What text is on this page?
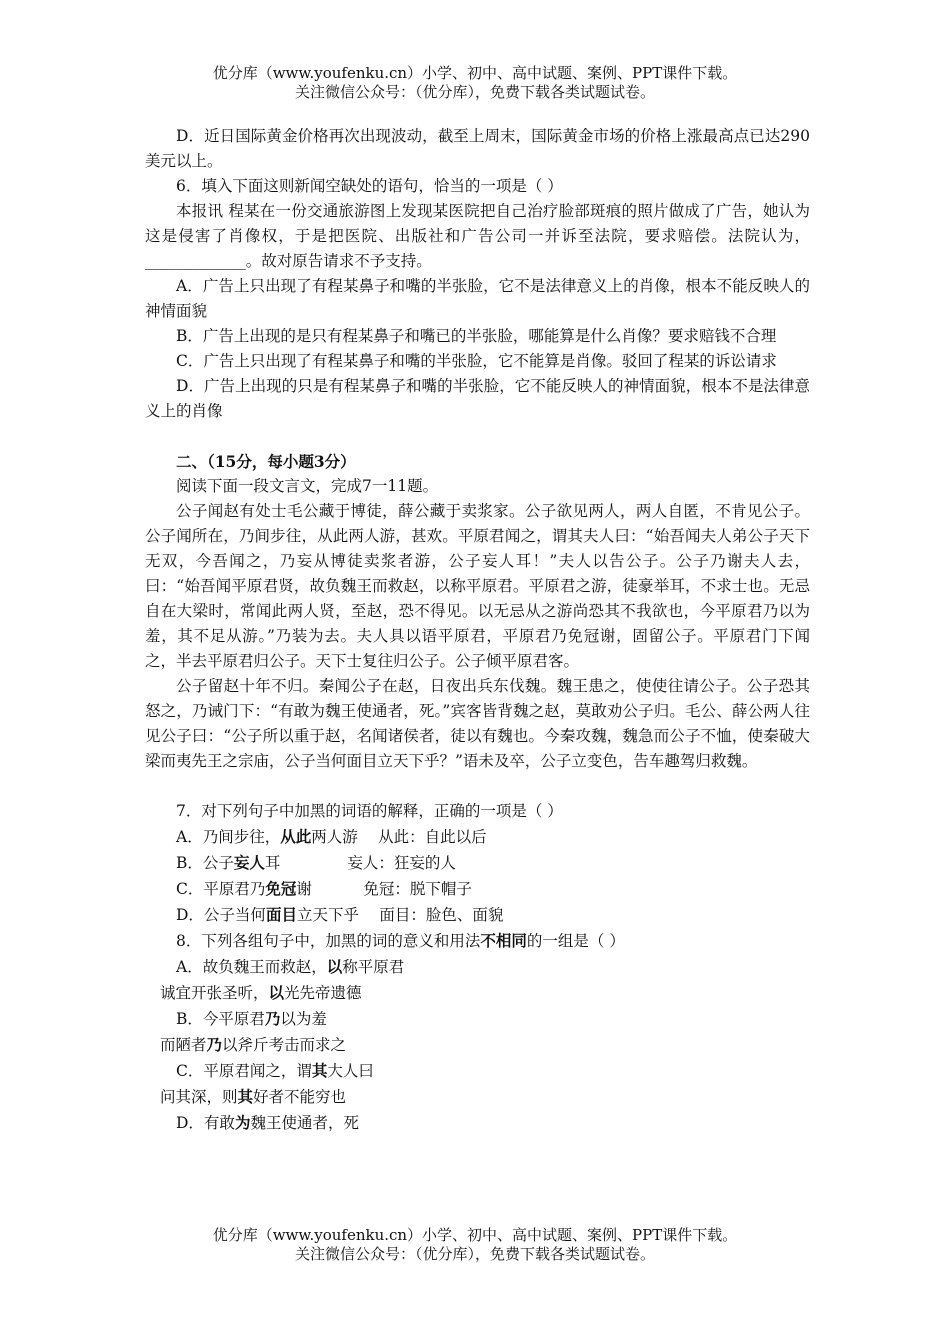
优分库（www.youfenku.cn）小学、初中、高中试题、案例、PPT课件下载。
关注微信公众号：（优分库），免费下载各类试题试卷。

D．近日国际黄金价格再次出现波动，截至上周末，国际黄金市场的价格上涨最高点已达290美元以上。

6．填入下面这则新闻空缺处的语句，恰当的一项是（ ）

本报讯 程某在一份交通旅游图上发现某医院把自己治疗脸部斑痕的照片做成了广告，她认为这是侵害了肖像权，于是把医院、出版社和广告公司一并诉至法院，要求赔偿。法院认为，_____________。故对原告请求不予支持。

A．广告上只出现了有程某鼻子和嘴的半张脸，它不是法律意义上的肖像，根本不能反映人的神情面貌

B．广告上出现的是只有程某鼻子和嘴已的半张脸，哪能算是什么肖像？要求赔钱不合理

C．广告上只出现了有程某鼻子和嘴的半张脸，它不能算是肖像。驳回了程某的诉讼请求

D．广告上出现的只是有程某鼻子和嘴的半张脸，它不能反映人的神情面貌，根本不是法律意义上的肖像

二、（15分，每小题3分）

阅读下面一段文言文，完成7一11题。

公子闻赵有处士毛公藏于博徒，薛公藏于卖浆家。公子欲见两人，两人自匿，不肯见公子。公子闻所在，乃间步往，从此两人游，甚欢。平原君闻之，谓其夫人曰：“始吾闻夫人弟公子天下无双，今吾闻之，乃妄从博徒卖浆者游，公子妄人耳！”夫人以告公子。公子乃谢夫人去，曰：“始吾闻平原君贤，故负魏王而救赵，以称平原君。平原君之游，徒豪举耳，不求士也。无忌自在大梁时，常闻此两人贤，至赵，恐不得见。以无忌从之游尚恐其不我欲也，今平原君乃以为羞，其不足从游。”乃装为去。夫人具以语平原君，平原君乃免冠谢，固留公子。平原君门下闻之，半去平原君归公子。天下士复往归公子。公子倾平原君客。

公子留赵十年不归。秦闻公子在赵，日夜出兵东伐魏。魏王患之，使使往请公子。公子恐其怒之，乃诫门下：“有敢为魏王使通者，死。”宾客皆背魏之赵，莫敢劝公子归。毛公、薛公两人往见公子曰：“公子所以重于赵，名闻诸侯者，徒以有魏也。今秦攻魏，魏急而公子不恤，使秦破大梁而夷先王之宗庙，公子当何面目立天下乎？”语未及卒，公子立变色，告车趣驾归救魏。

7．对下列句子中加黑的词语的解释，正确的一项是（ ）

A．乃间步往，从此两人游　 从此：自此以后

B．公子妄人耳　　　　 妄人：狂妄的人

C．平原君乃免冠谢　　　 免冠：脱下帽子

D．公子当何面目立天下乎　 面目：脸色、面貌

8．下列各组句子中，加黑的词的意义和用法不相同的一组是（ ）

A．故负魏王而救赵，以称平原君

诚宜开张圣听，以光先帝遗德

B．今平原君乃以为羞

而陋者乃以斧斤考击而求之

C．平原君闻之，谓其大人曰

问其深，则其好者不能穷也

D．有敢为魏王使通者，死

优分库（www.youfenku.cn）小学、初中、高中试题、案例、PPT课件下载。
关注微信公众号：（优分库），免费下载各类试题试卷。
